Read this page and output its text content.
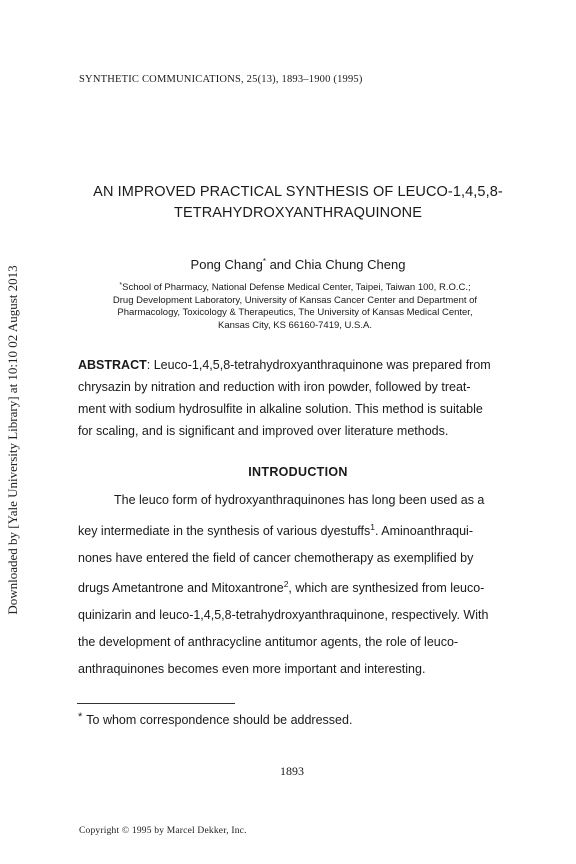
Downloaded by [Yale University Library] at 10:10 02 August 2013
SYNTHETIC COMMUNICATIONS, 25(13), 1893–1900 (1995)
AN IMPROVED PRACTICAL SYNTHESIS OF LEUCO-1,4,5,8-
TETRAHYDROXYANTHRAQUINONE
Pong Chang* and Chia Chung Cheng
*School of Pharmacy, National Defense Medical Center, Taipei, Taiwan 100, R.O.C.;
Drug Development Laboratory, University of Kansas Cancer Center and Department of
Pharmacology, Toxicology & Therapeutics, The University of Kansas Medical Center,
Kansas City, KS 66160-7419, U.S.A.
ABSTRACT: Leuco-1,4,5,8-tetrahydroxyanthraquinone was prepared from
chrysazin by nitration and reduction with iron powder, followed by treat-
ment with sodium hydrosulfite in alkaline solution. This method is suitable
for scaling, and is significant and improved over literature methods.
INTRODUCTION
The leuco form of hydroxyanthraquinones has long been used as a
key intermediate in the synthesis of various dyestuffs$^1$. Aminoanthraqui-
nones have entered the field of cancer chemotherapy as exemplified by
drugs Ametantrone and Mitoxantrone$^2$, which are synthesized from leuco-
quinizarin and leuco-1,4,5,8-tetrahydroxyanthraquinone, respectively. With
the development of anthracycline antitumor agents, the role of leuco-
anthraquinones becomes even more important and interesting.
* To whom correspondence should be addressed.
1893
Copyright © 1995 by Marcel Dekker, Inc.
